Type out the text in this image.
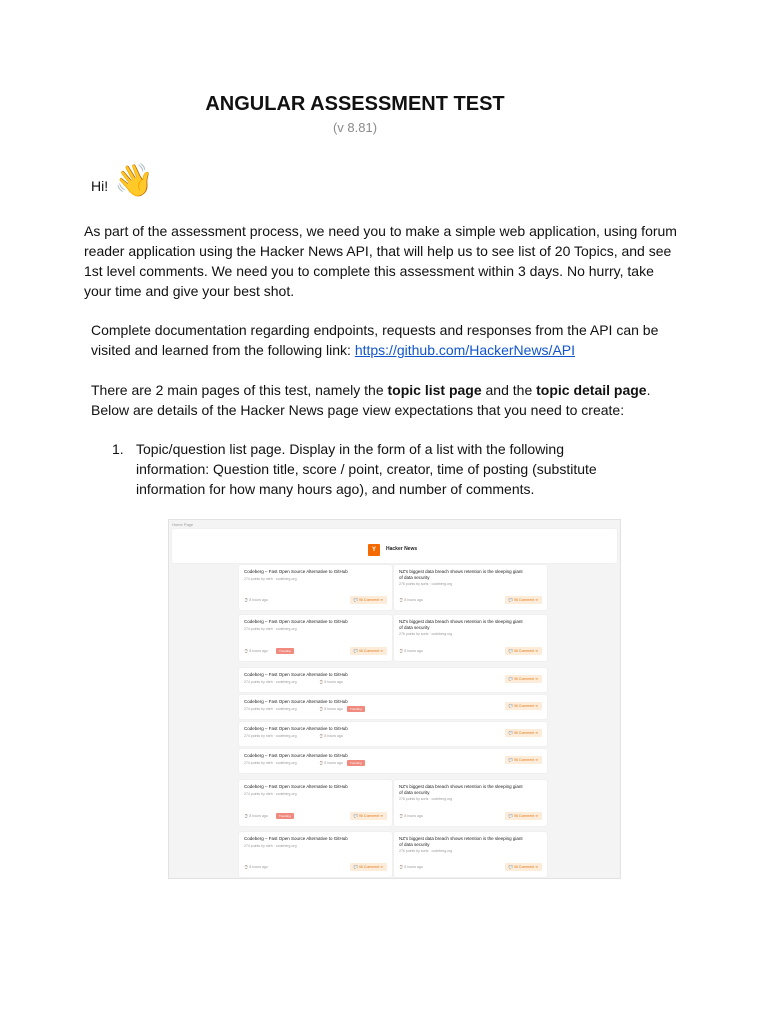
ANGULAR ASSESSMENT TEST
(v 8.81)
Hi! 👋
As part of the assessment process, we need you to make a simple web application, using forum reader application using the Hacker News API, that will help us to see list of 20 Topics, and see 1st level comments. We need you to complete this assessment within 3 days. No hurry, take your time and give your best shot.
Complete documentation regarding endpoints, requests and responses from the API can be visited and learned from the following link: https://github.com/HackerNews/API
There are 2 main pages of this test, namely the topic list page and the topic detail page. Below are details of the Hacker News page view expectations that you need to create:
1. Topic/question list page. Display in the form of a list with the following information: Question title, score / point, creator, time of posting (substitute information for how many hours ago), and number of comments.
Home Page
Y	Hacker News
Codeberg – Fast Open Source Alternative to GitHub
274 points by rdeh · codeberg.org
⌚ 8 hours ago	💬 96 Comment ➜
NZ's biggest data breach shows retention is the sleeping giant of data security
276 points by sorts · codeberg.org
⌚ 8 hours ago	💬 96 Comment ➜
Codeberg – Fast Open Source Alternative to GitHub
274 points by rdeh · codeberg.org
⌚ 8 hours ago	Trending	💬 96 Comment ➜
NZ's biggest data breach shows retention is the sleeping giant of data security
276 points by sorts · codeberg.org
⌚ 8 hours ago	💬 96 Comment ➜
Codeberg – Fast Open Source Alternative to GitHub
274 points by rdeh · codeberg.org	⌚ 8 hours ago
💬 96 Comment ➜
Codeberg – Fast Open Source Alternative to GitHub
274 points by rdeh · codeberg.org	⌚ 8 hours ago	Trending
💬 96 Comment ➜
Codeberg – Fast Open Source Alternative to GitHub
274 points by rdeh · codeberg.org	⌚ 8 hours ago
💬 96 Comment ➜
Codeberg – Fast Open Source Alternative to GitHub
274 points by rdeh · codeberg.org	⌚ 8 hours ago	Trending
💬 96 Comment ➜
Codeberg – Fast Open Source Alternative to GitHub
274 points by rdeh · codeberg.org
⌚ 8 hours ago	Trending	💬 96 Comment ➜
NZ's biggest data breach shows retention is the sleeping giant of data security
276 points by sorts · codeberg.org
⌚ 8 hours ago	💬 96 Comment ➜
Codeberg – Fast Open Source Alternative to GitHub
274 points by rdeh · codeberg.org
⌚ 8 hours ago	💬 96 Comment ➜
NZ's biggest data breach shows retention is the sleeping giant of data security
276 points by sorts · codeberg.org
⌚ 8 hours ago	💬 96 Comment ➜
